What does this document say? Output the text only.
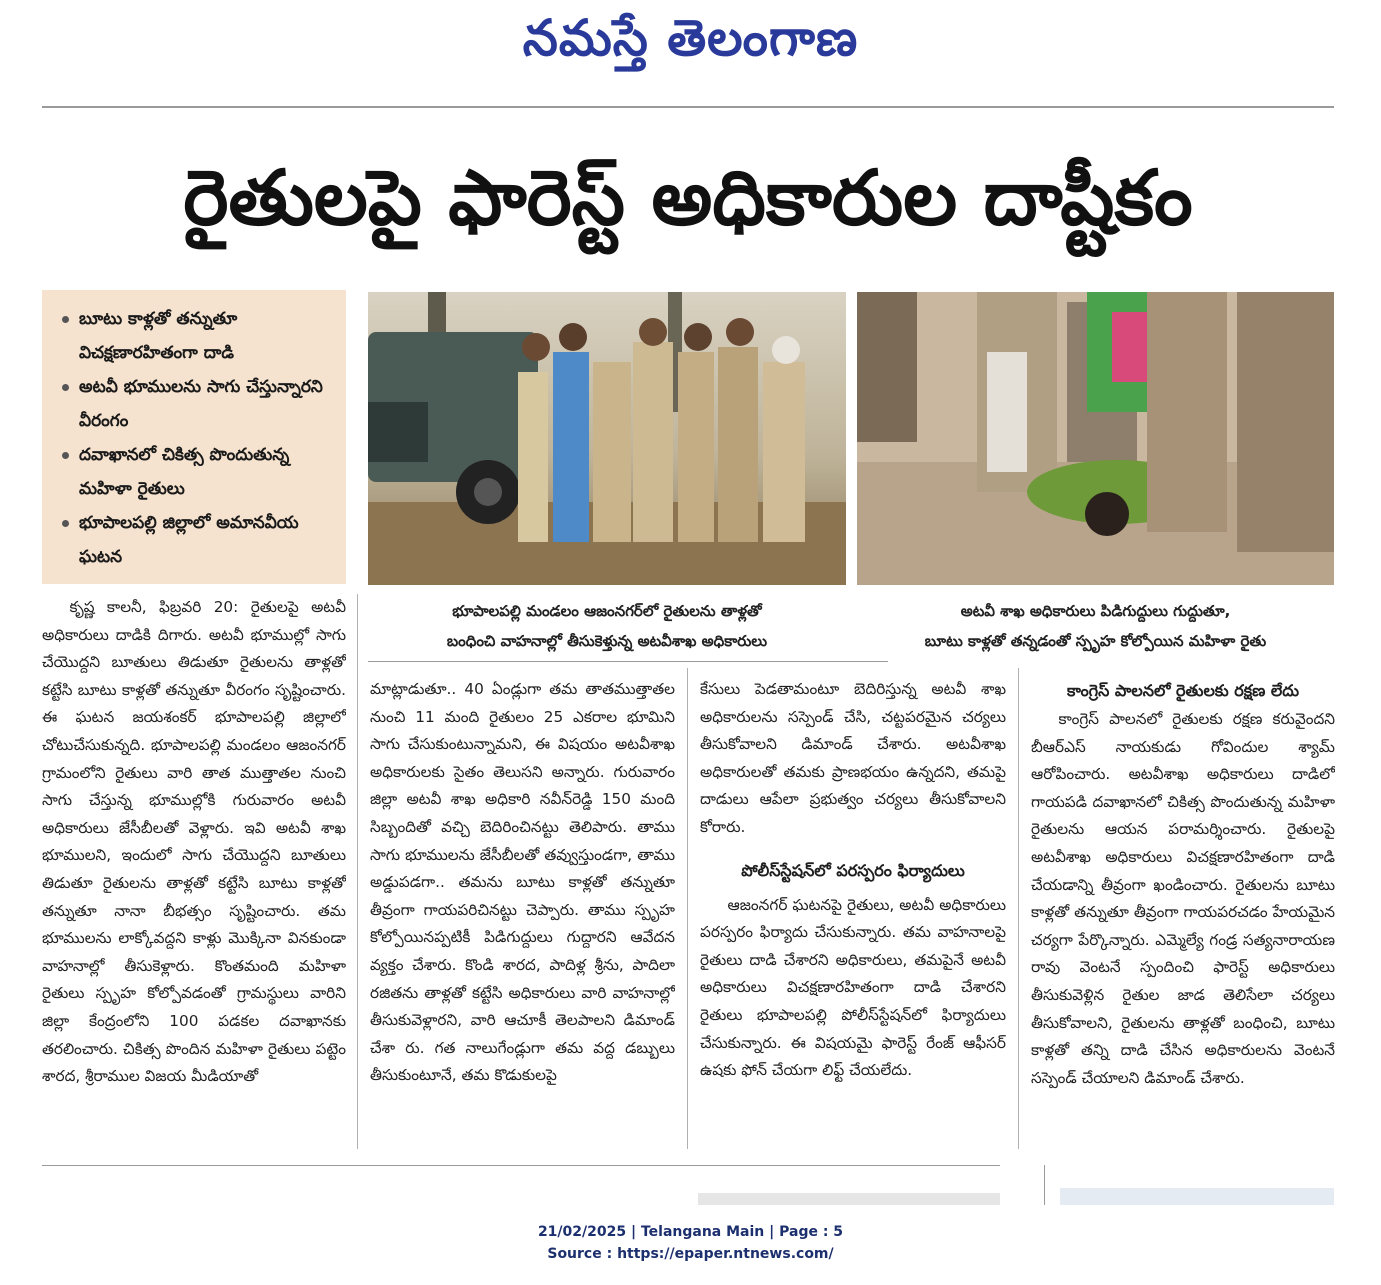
నమస్తే తెలంగాణ
రైతులపై ఫారెస్ట్ అధికారుల దాష్టీకం
బూటు కాళ్లతో తన్నుతూ విచక్షణారహితంగా దాడి
అటవీ భూములను సాగు చేస్తున్నారని వీరంగం
దవాఖానలో చికిత్స పొందుతున్న మహిళా రైతులు
భూపాలపల్లి జిల్లాలో అమానవీయ ఘటన
భూపాలపల్లి మండలం ఆజంనగర్‌లో రైతులను తాళ్లతో
బంధించి వాహనాల్లో తీసుకెళ్తున్న అటవీశాఖ అధికారులు
అటవీ శాఖ అధికారులు పిడిగుద్దులు గుద్దుతూ,
బూటు కాళ్లతో తన్నడంతో స్పృహ కోల్పోయిన మహిళా రైతు

కృష్ణ కాలనీ, ఫిబ్రవరి 20: రైతులపై అటవీ అధికారులు దాడికి దిగారు. అటవీ భూముల్లో సాగు చేయొద్దని బూతులు తిడుతూ రైతులను తాళ్లతో కట్టేసి బూటు కాళ్లతో తన్నుతూ వీరంగం సృష్టించారు. ఈ ఘటన జయశంకర్ భూపాలపల్లి జిల్లాలో చోటుచేసుకున్నది. భూపాలపల్లి మండలం ఆజంనగర్ గ్రామంలోని రైతులు వారి తాత ముత్తాతల నుంచి సాగు చేస్తున్న భూముల్లోకి గురువారం అటవీ అధికారులు జేసీబీలతో వెళ్లారు. ఇవి అటవీ శాఖ భూములని, ఇందులో సాగు చేయొద్దని బూతులు తిడుతూ రైతులను తాళ్లతో కట్టేసి బూటు కాళ్లతో తన్నుతూ నానా బీభత్సం సృష్టించారు. తమ భూములను లాక్కోవద్దని కాళ్లు మొక్కినా వినకుండా వాహనాల్లో తీసుకెళ్లారు. కొంతమంది మహిళా రైతులు స్పృహ కోల్పోవడంతో గ్రామస్థులు వారిని జిల్లా కేంద్రంలోని 100 పడకల దవాఖానకు తరలించారు. చికిత్స పొందిన మహిళా రైతులు పట్టెం శారద, శ్రీరాముల విజయ మీడియాతో

మాట్లాడుతూ.. 40 ఏండ్లుగా తమ తాతముత్తాతల నుంచి 11 మంది రైతులం 25 ఎకరాల భూమిని సాగు చేసుకుంటున్నామని, ఈ విషయం అటవీశాఖ అధికారులకు సైతం తెలుసని అన్నారు. గురువారం జిల్లా అటవీ శాఖ అధికారి నవీన్‌రెడ్డి 150 మంది సిబ్బందితో వచ్చి బెదిరించినట్టు తెలిపారు. తాము సాగు భూములను జేసీబీలతో తవ్వుస్తుండగా, తాము అడ్డుపడగా.. తమను బూటు కాళ్లతో తన్నుతూ తీవ్రంగా గాయపరిచినట్టు చెప్పారు. తాము స్పృహ కోల్పోయినప్పటికీ పిడిగుద్దులు గుద్దారని ఆవేదన వ్యక్తం చేశారు. కొండి శారద, పాదిళ్ల శ్రీను, పాదిలా రజితను తాళ్లతో కట్టేసి అధికారులు వారి వాహనాల్లో తీసుకువెళ్లారని, వారి ఆచూకీ తెలపాలని డిమాండ్ చేశా రు. గత నాలుగేండ్లుగా తమ వద్ద డబ్బులు తీసుకుంటూనే, తమ కొడుకులపై

కేసులు పెడతామంటూ బెదిరిస్తున్న అటవీ శాఖ అధికారులను సస్పెండ్ చేసి, చట్టపరమైన చర్యలు తీసుకోవాలని డిమాండ్ చేశారు. అటవీశాఖ అధికారులతో తమకు ప్రాణభయం ఉన్నదని, తమపై దాడులు ఆపేలా ప్రభుత్వం చర్యలు తీసుకోవాలని కోరారు.

పోలీస్‌స్టేషన్‌లో పరస్పరం ఫిర్యాదులు

ఆజంనగర్ ఘటనపై రైతులు, అటవీ అధికారులు పరస్పరం ఫిర్యాదు చేసుకున్నారు. తమ వాహనాలపై రైతులు దాడి చేశారని అధికారులు, తమపైనే అటవీ అధికారులు విచక్షణారహితంగా దాడి చేశారని రైతులు భూపాలపల్లి పోలీస్‌స్టేషన్‌లో ఫిర్యాదులు చేసుకున్నారు. ఈ విషయమై ఫారెస్ట్ రేంజ్ ఆఫీసర్ ఉషకు ఫోన్ చేయగా లిఫ్ట్ చేయలేదు.

కాంగ్రెస్ పాలనలో రైతులకు రక్షణ లేదు

కాంగ్రెస్ పాలనలో రైతులకు రక్షణ కరువైందని బీఆర్‌ఎస్ నాయకుడు గోవిందుల శ్యామ్ ఆరోపించారు. అటవీశాఖ అధికారులు దాడిలో గాయపడి దవాఖానలో చికిత్స పొందుతున్న మహిళా రైతులను ఆయన పరామర్శించారు. రైతులపై అటవీశాఖ అధికారులు విచక్షణారహితంగా దాడి చేయడాన్ని తీవ్రంగా ఖండించారు. రైతులను బూటు కాళ్లతో తన్నుతూ తీవ్రంగా గాయపరచడం హేయమైన చర్యగా పేర్కొన్నారు. ఎమ్మెల్యే గండ్ర సత్యనారాయణ రావు వెంటనే స్పందించి ఫారెస్ట్ అధికారులు తీసుకువెళ్లిన రైతుల జాడ తెలిసేలా చర్యలు తీసుకోవాలని, రైతులను తాళ్లతో బంధించి, బూటు కాళ్లతో తన్ని దాడి చేసిన అధికారులను వెంటనే సస్పెండ్ చేయాలని డిమాండ్ చేశారు.

21/02/2025 | Telangana Main | Page : 5
Source : https://epaper.ntnews.com/
